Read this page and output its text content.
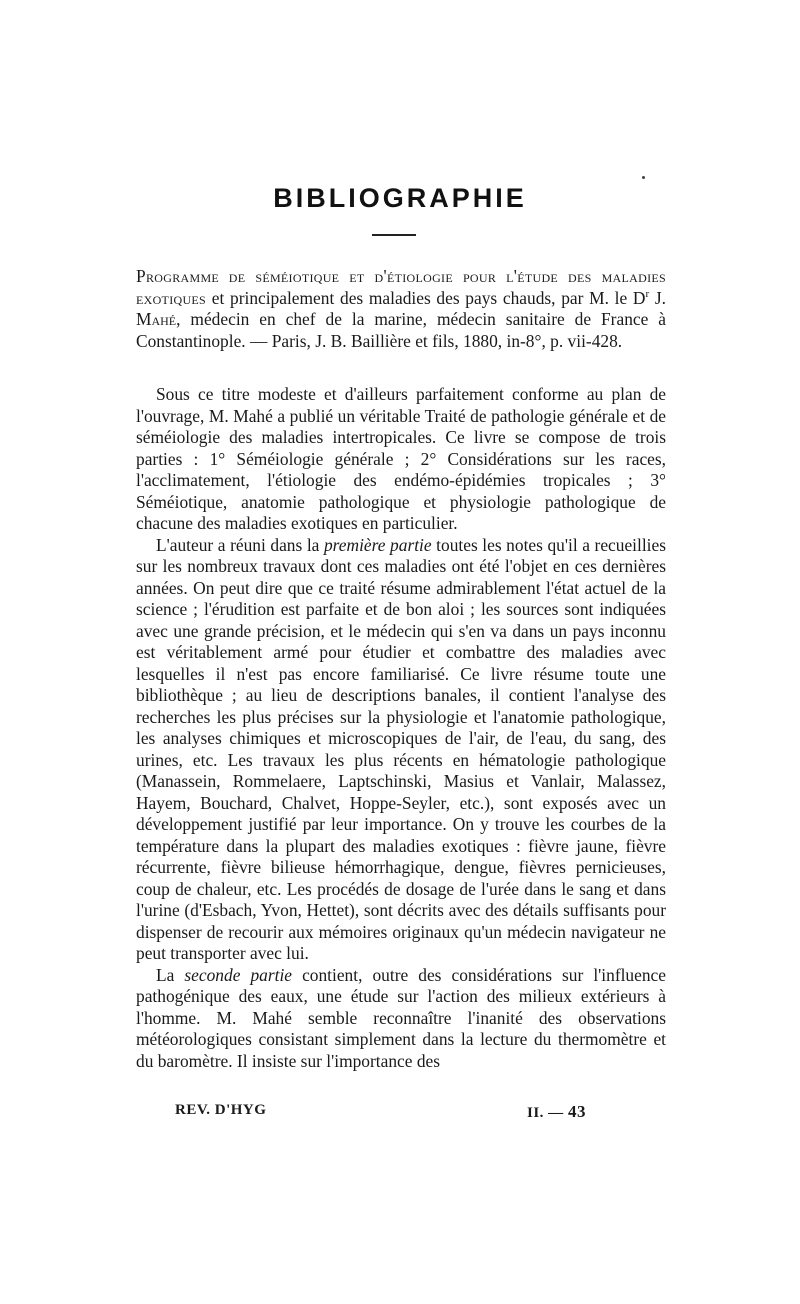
BIBLIOGRAPHIE
Programme de séméiotique et d'étiologie pour l'étude des maladies exotiques et principalement des maladies des pays chauds, par M. le $D^r$ J. Mahé, médecin en chef de la marine, médecin sanitaire de France à Constantinople. — Paris, J. B. Baillière et fils, 1880, in-8°, p. vii-428.

Sous ce titre modeste et d'ailleurs parfaitement conforme au plan de l'ouvrage, M. Mahé a publié un véritable Traité de pathologie générale et de séméiologie des maladies intertropicales. Ce livre se compose de trois parties : 1° Séméiologie générale ; 2° Considérations sur les races, l'acclimatement, l'étiologie des endémo-épidémies tropicales ; 3° Séméiotique, anatomie pathologique et physiologie pathologique de chacune des maladies exotiques en particulier.

L'auteur a réuni dans la première partie toutes les notes qu'il a recueillies sur les nombreux travaux dont ces maladies ont été l'objet en ces dernières années. On peut dire que ce traité résume admirablement l'état actuel de la science ; l'érudition est parfaite et de bon aloi ; les sources sont indiquées avec une grande précision, et le médecin qui s'en va dans un pays inconnu est véritablement armé pour étudier et combattre des maladies avec lesquelles il n'est pas encore familiarisé. Ce livre résume toute une bibliothèque ; au lieu de descriptions banales, il contient l'analyse des recherches les plus précises sur la physiologie et l'anatomie pathologique, les analyses chimiques et microscopiques de l'air, de l'eau, du sang, des urines, etc. Les travaux les plus récents en hématologie pathologique (Manassein, Rommelaere, Laptschinski, Masius et Vanlair, Malassez, Hayem, Bouchard, Chalvet, Hoppe-Seyler, etc.), sont exposés avec un développement justifié par leur importance. On y trouve les courbes de la température dans la plupart des maladies exotiques : fièvre jaune, fièvre récurrente, fièvre bilieuse hémorrhagique, dengue, fièvres pernicieuses, coup de chaleur, etc. Les procédés de dosage de l'urée dans le sang et dans l'urine (d'Esbach, Yvon, Hettet), sont décrits avec des détails suffisants pour dispenser de recourir aux mémoires originaux qu'un médecin navigateur ne peut transporter avec lui.

La seconde partie contient, outre des considérations sur l'influence pathogénique des eaux, une étude sur l'action des milieux extérieurs à l'homme. M. Mahé semble reconnaître l'inanité des observations météorologiques consistant simplement dans la lecture du thermomètre et du baromètre. Il insiste sur l'importance des

REV. D'HYG	II. — 43
